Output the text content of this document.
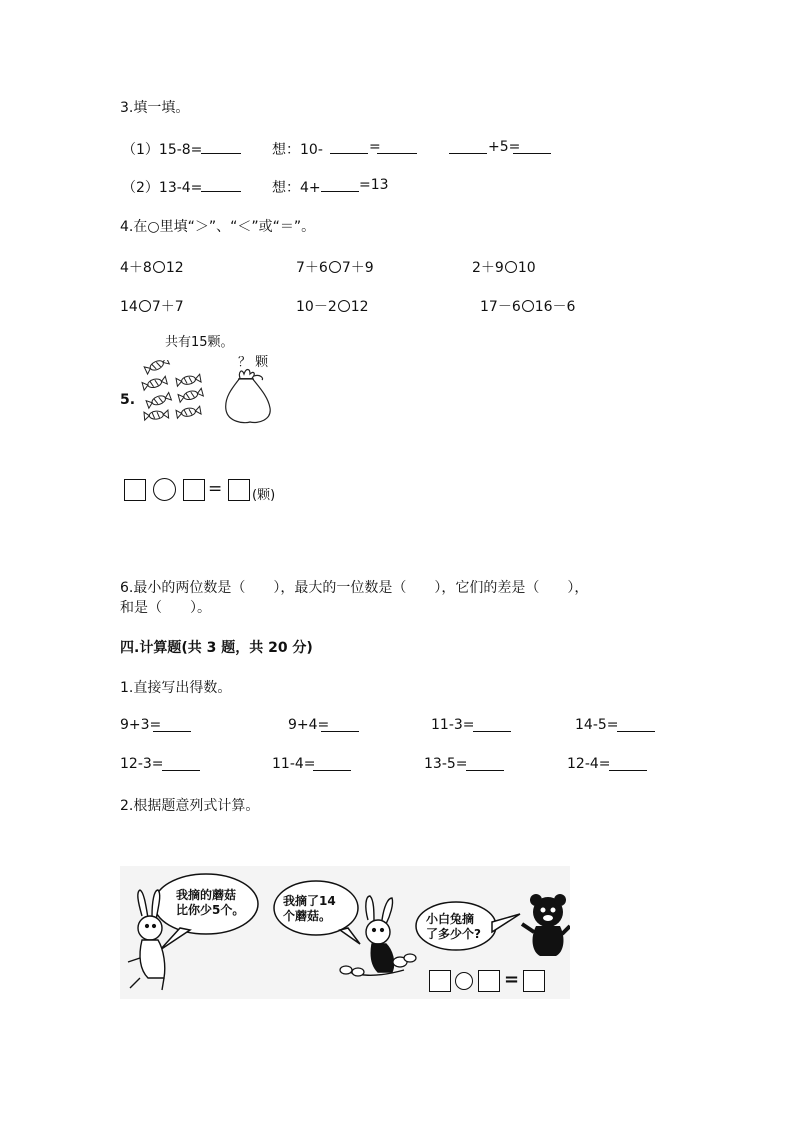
3.填一填。
（1）15-8=	想：10-	=	+5=
（2）13-4=	想：4+	=13
4.在○里填“＞”、“＜”或“＝”。
4＋8 12	7＋6 7＋9	2＋9 10
14 7＋7	10－2 12	17－6 16－6
共有15颗。
？ 颗
5.
= (颗)
6.最小的两位数是（　　），最大的一位数是（　　），它们的差是（　　），
和是（　　）。
四.计算题(共 3 题，共 20 分)
1.直接写出得数。
9+3=	9+4=	11-3=	14-5=
12-3=	11-4=	13-5=	12-4=
2.根据题意列式计算。
我摘的蘑菇
比你少5个。
我摘了14
个蘑菇。	小白兔摘
了多少个?
=
